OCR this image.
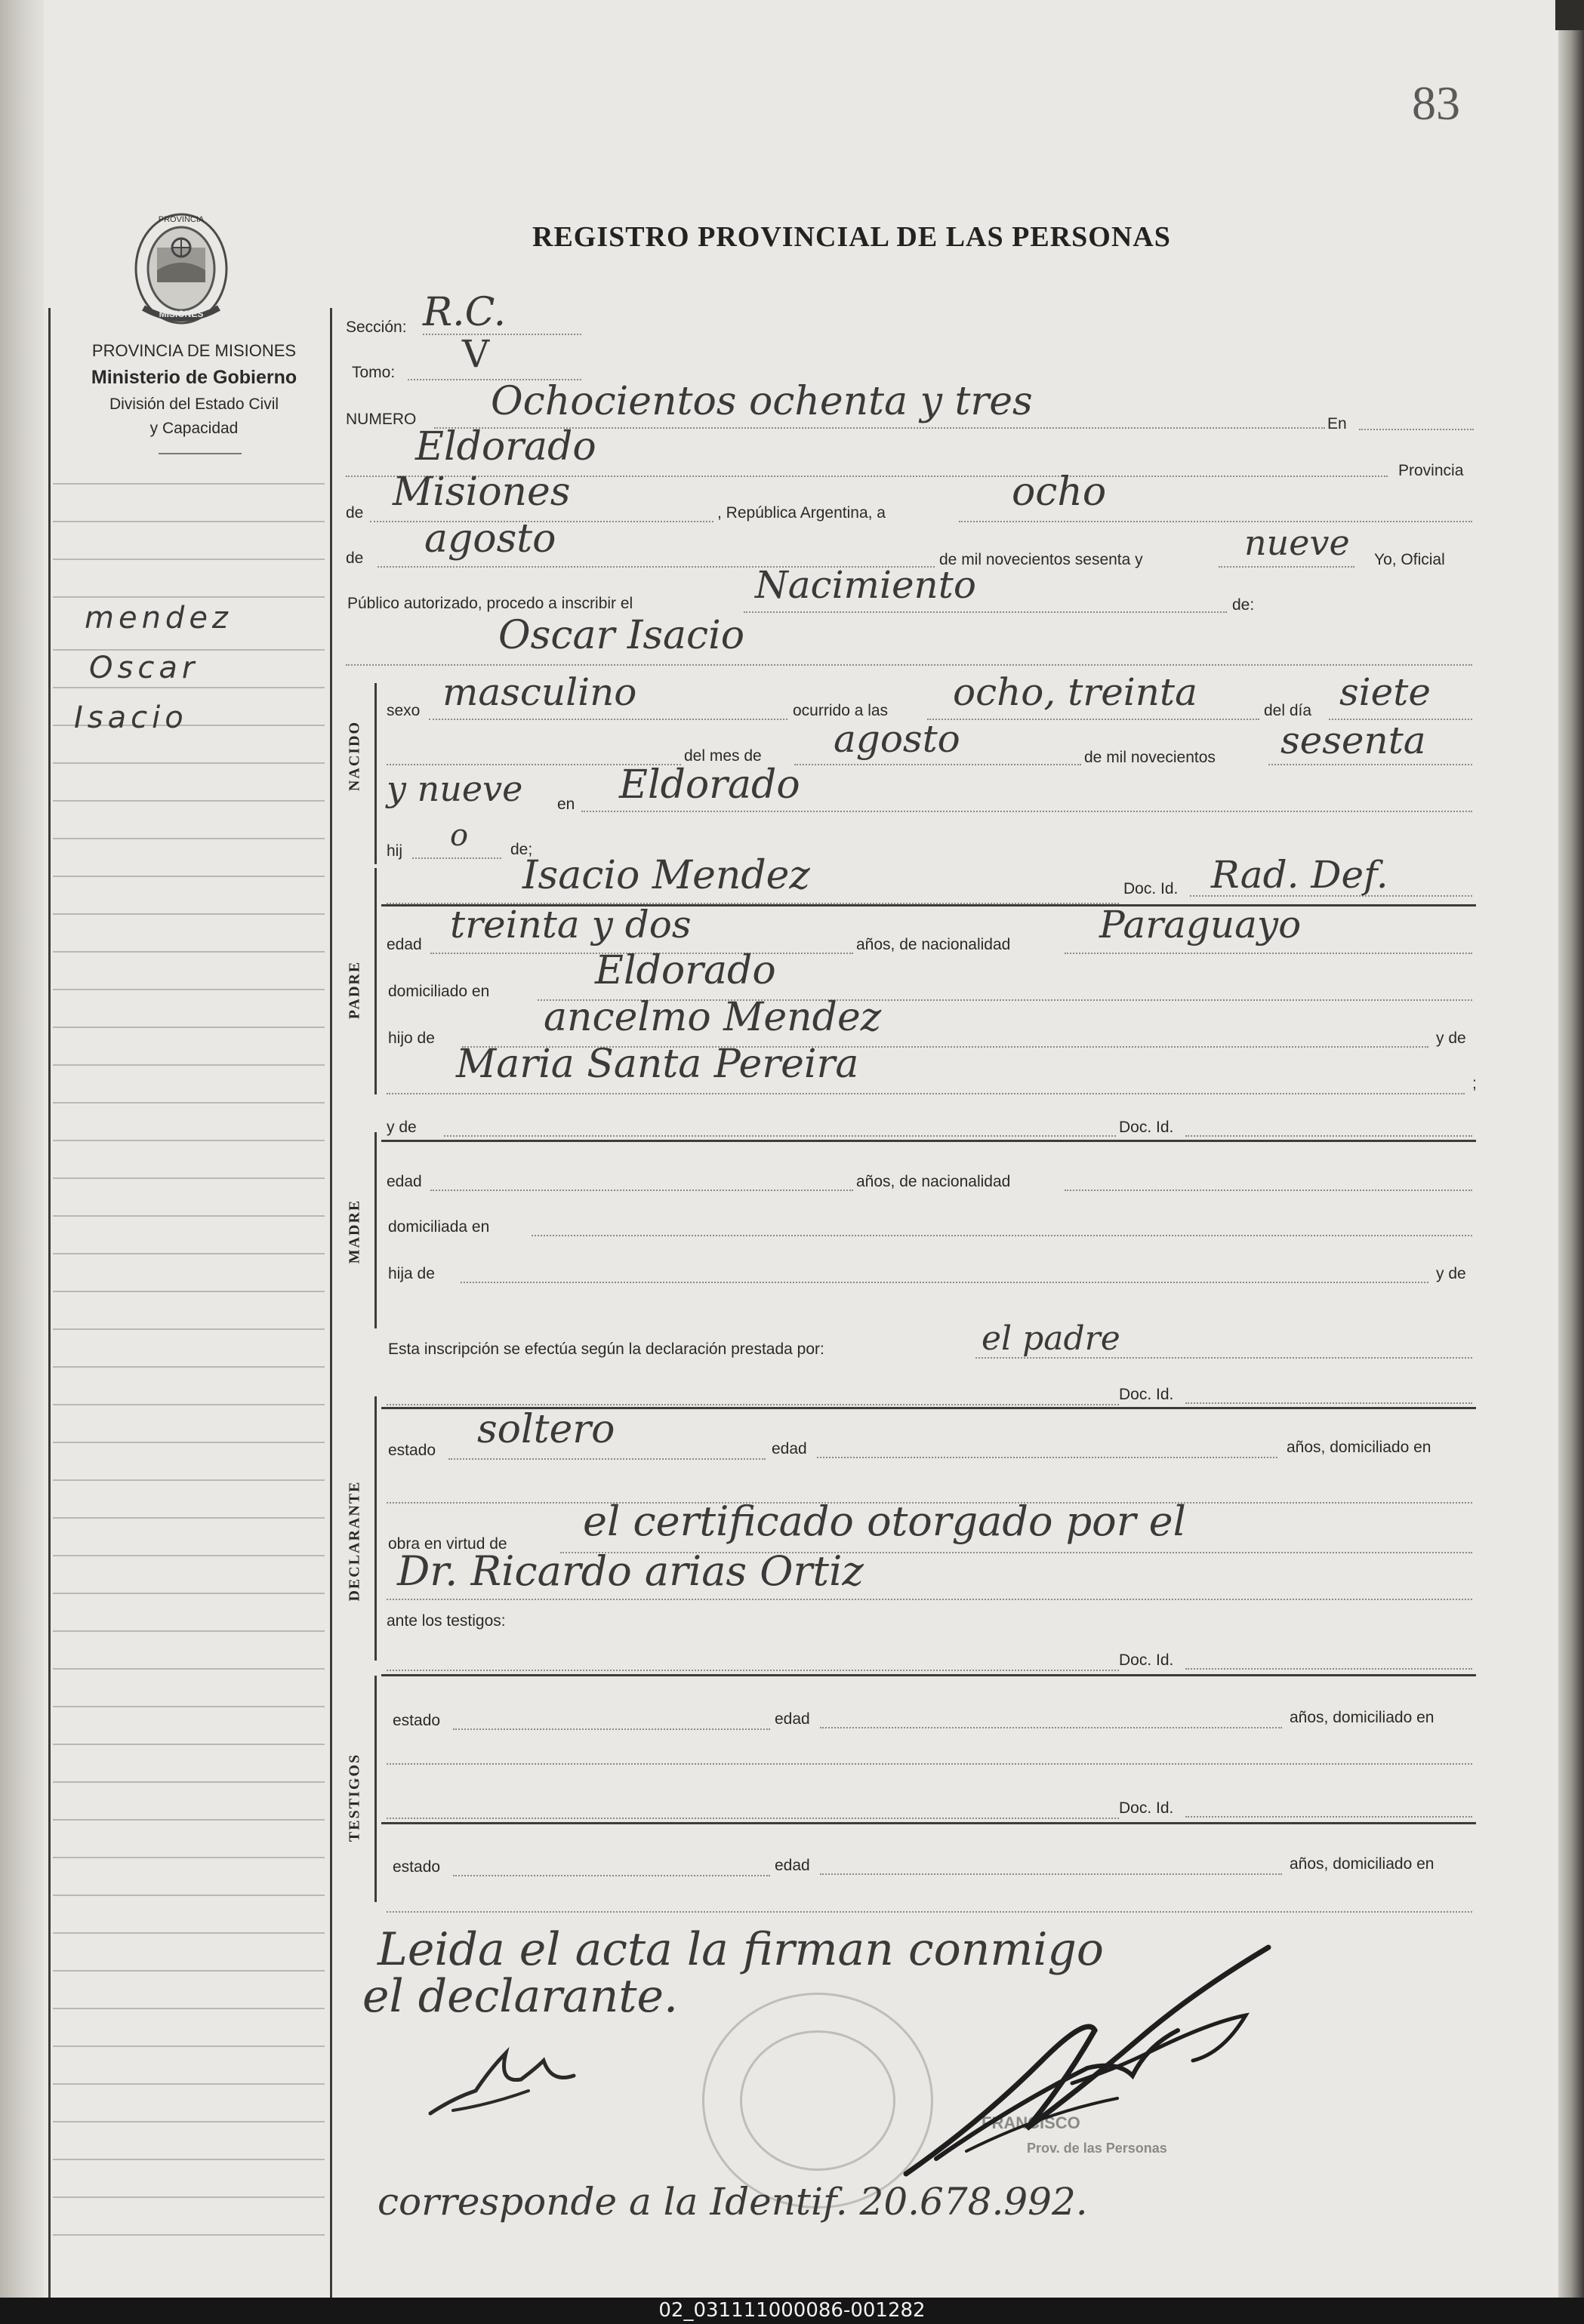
83
REGISTRO PROVINCIAL DE LAS PERSONAS
PROVINCIA
MISIONES
PROVINCIA DE MISIONES
Ministerio de Gobierno
División del Estado Civil
y Capacidad
mendez
Oscar
Isacio
Sección: R.C.
Tomo: V
NUMERO Ochocientos ochenta y tres	En
Eldorado
Provincia
de Misiones	, República Argentina, a	ocho
de agosto	de mil novecientos sesenta y	nueve Yo, Oficial
Público autorizado, procedo a inscribir el	Nacimiento	de:
Oscar Isacio
NACIDO
sexo masculino	ocurrido a las ocho, treinta	del día siete
del mes de agosto	de mil novecientos sesenta
y nueve en Eldorado
hij o	de;
PADRE
Isacio Mendez	Doc. Id. Rad. Def.
edad treinta y dos	años, de nacionalidad Paraguayo
domiciliado en	Eldorado
hijo de	ancelmo Mendez	y de
Maria Santa Pereira	;
MADRE
y de	Doc. Id.
edad	años, de nacionalidad
domiciliada en
hija de	y de
Esta inscripción se efectúa según la declaración prestada por:	el padre
DECLARANTE
Doc. Id.
estado soltero	edad	años, domiciliado en
obra en virtud de el certificado otorgado por el
Dr. Ricardo arias Ortiz
ante los testigos:
Doc. Id.
TESTIGOS
estado	edad	años, domiciliado en
Doc. Id.
estado	edad	años, domiciliado en
Leida el acta la firman conmigo
el declarante.
FRANCISCO
Prov. de las Personas
corresponde a la Identif. 20.678.992.
02_031111000086-001282
